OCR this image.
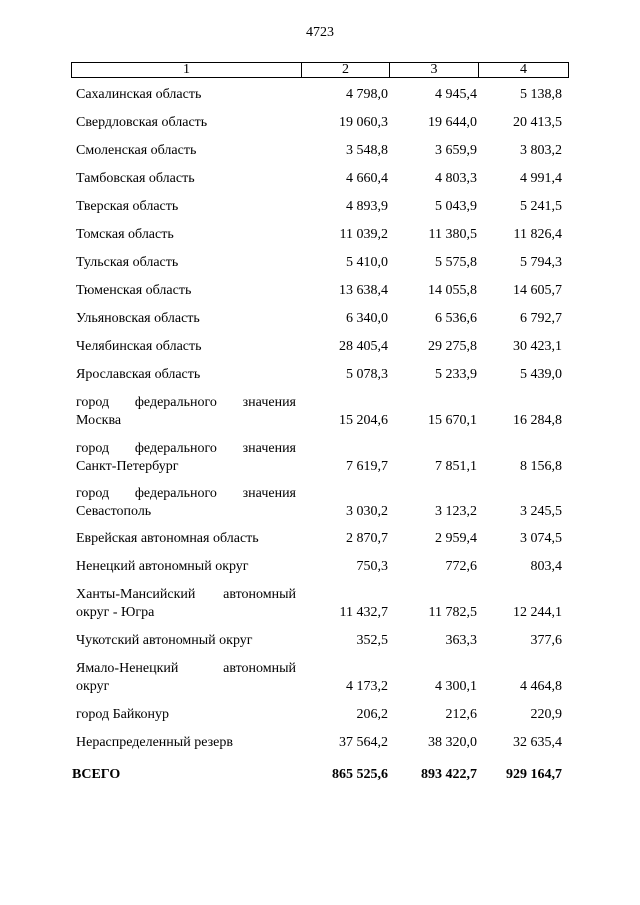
4723
1	2	3	4
Сахалинская область	4 798,0	4 945,4	5 138,8
Свердловская область	19 060,3	19 644,0	20 413,5
Смоленская область	3 548,8	3 659,9	3 803,2
Тамбовская область	4 660,4	4 803,3	4 991,4
Тверская область	4 893,9	5 043,9	5 241,5
Томская область	11 039,2	11 380,5	11 826,4
Тульская область	5 410,0	5 575,8	5 794,3
Тюменская область	13 638,4	14 055,8	14 605,7
Ульяновская область	6 340,0	6 536,6	6 792,7
Челябинская область	28 405,4	29 275,8	30 423,1
Ярославская область	5 078,3	5 233,9	5 439,0
город федерального значения
Москва	15 204,6	15 670,1	16 284,8
город федерального значения
Санкт-Петербург	7 619,7	7 851,1	8 156,8
город федерального значения
Севастополь	3 030,2	3 123,2	3 245,5
Еврейская автономная область	2 870,7	2 959,4	3 074,5
Ненецкий автономный округ	750,3	772,6	803,4
Ханты-Мансийский автономный
округ - Югра	11 432,7	11 782,5	12 244,1
Чукотский автономный округ	352,5	363,3	377,6
Ямало-Ненецкий автономный
округ	4 173,2	4 300,1	4 464,8
город Байконур	206,2	212,6	220,9
Нераспределенный резерв	37 564,2	38 320,0	32 635,4
ВСЕГО	865 525,6	893 422,7	929 164,7
